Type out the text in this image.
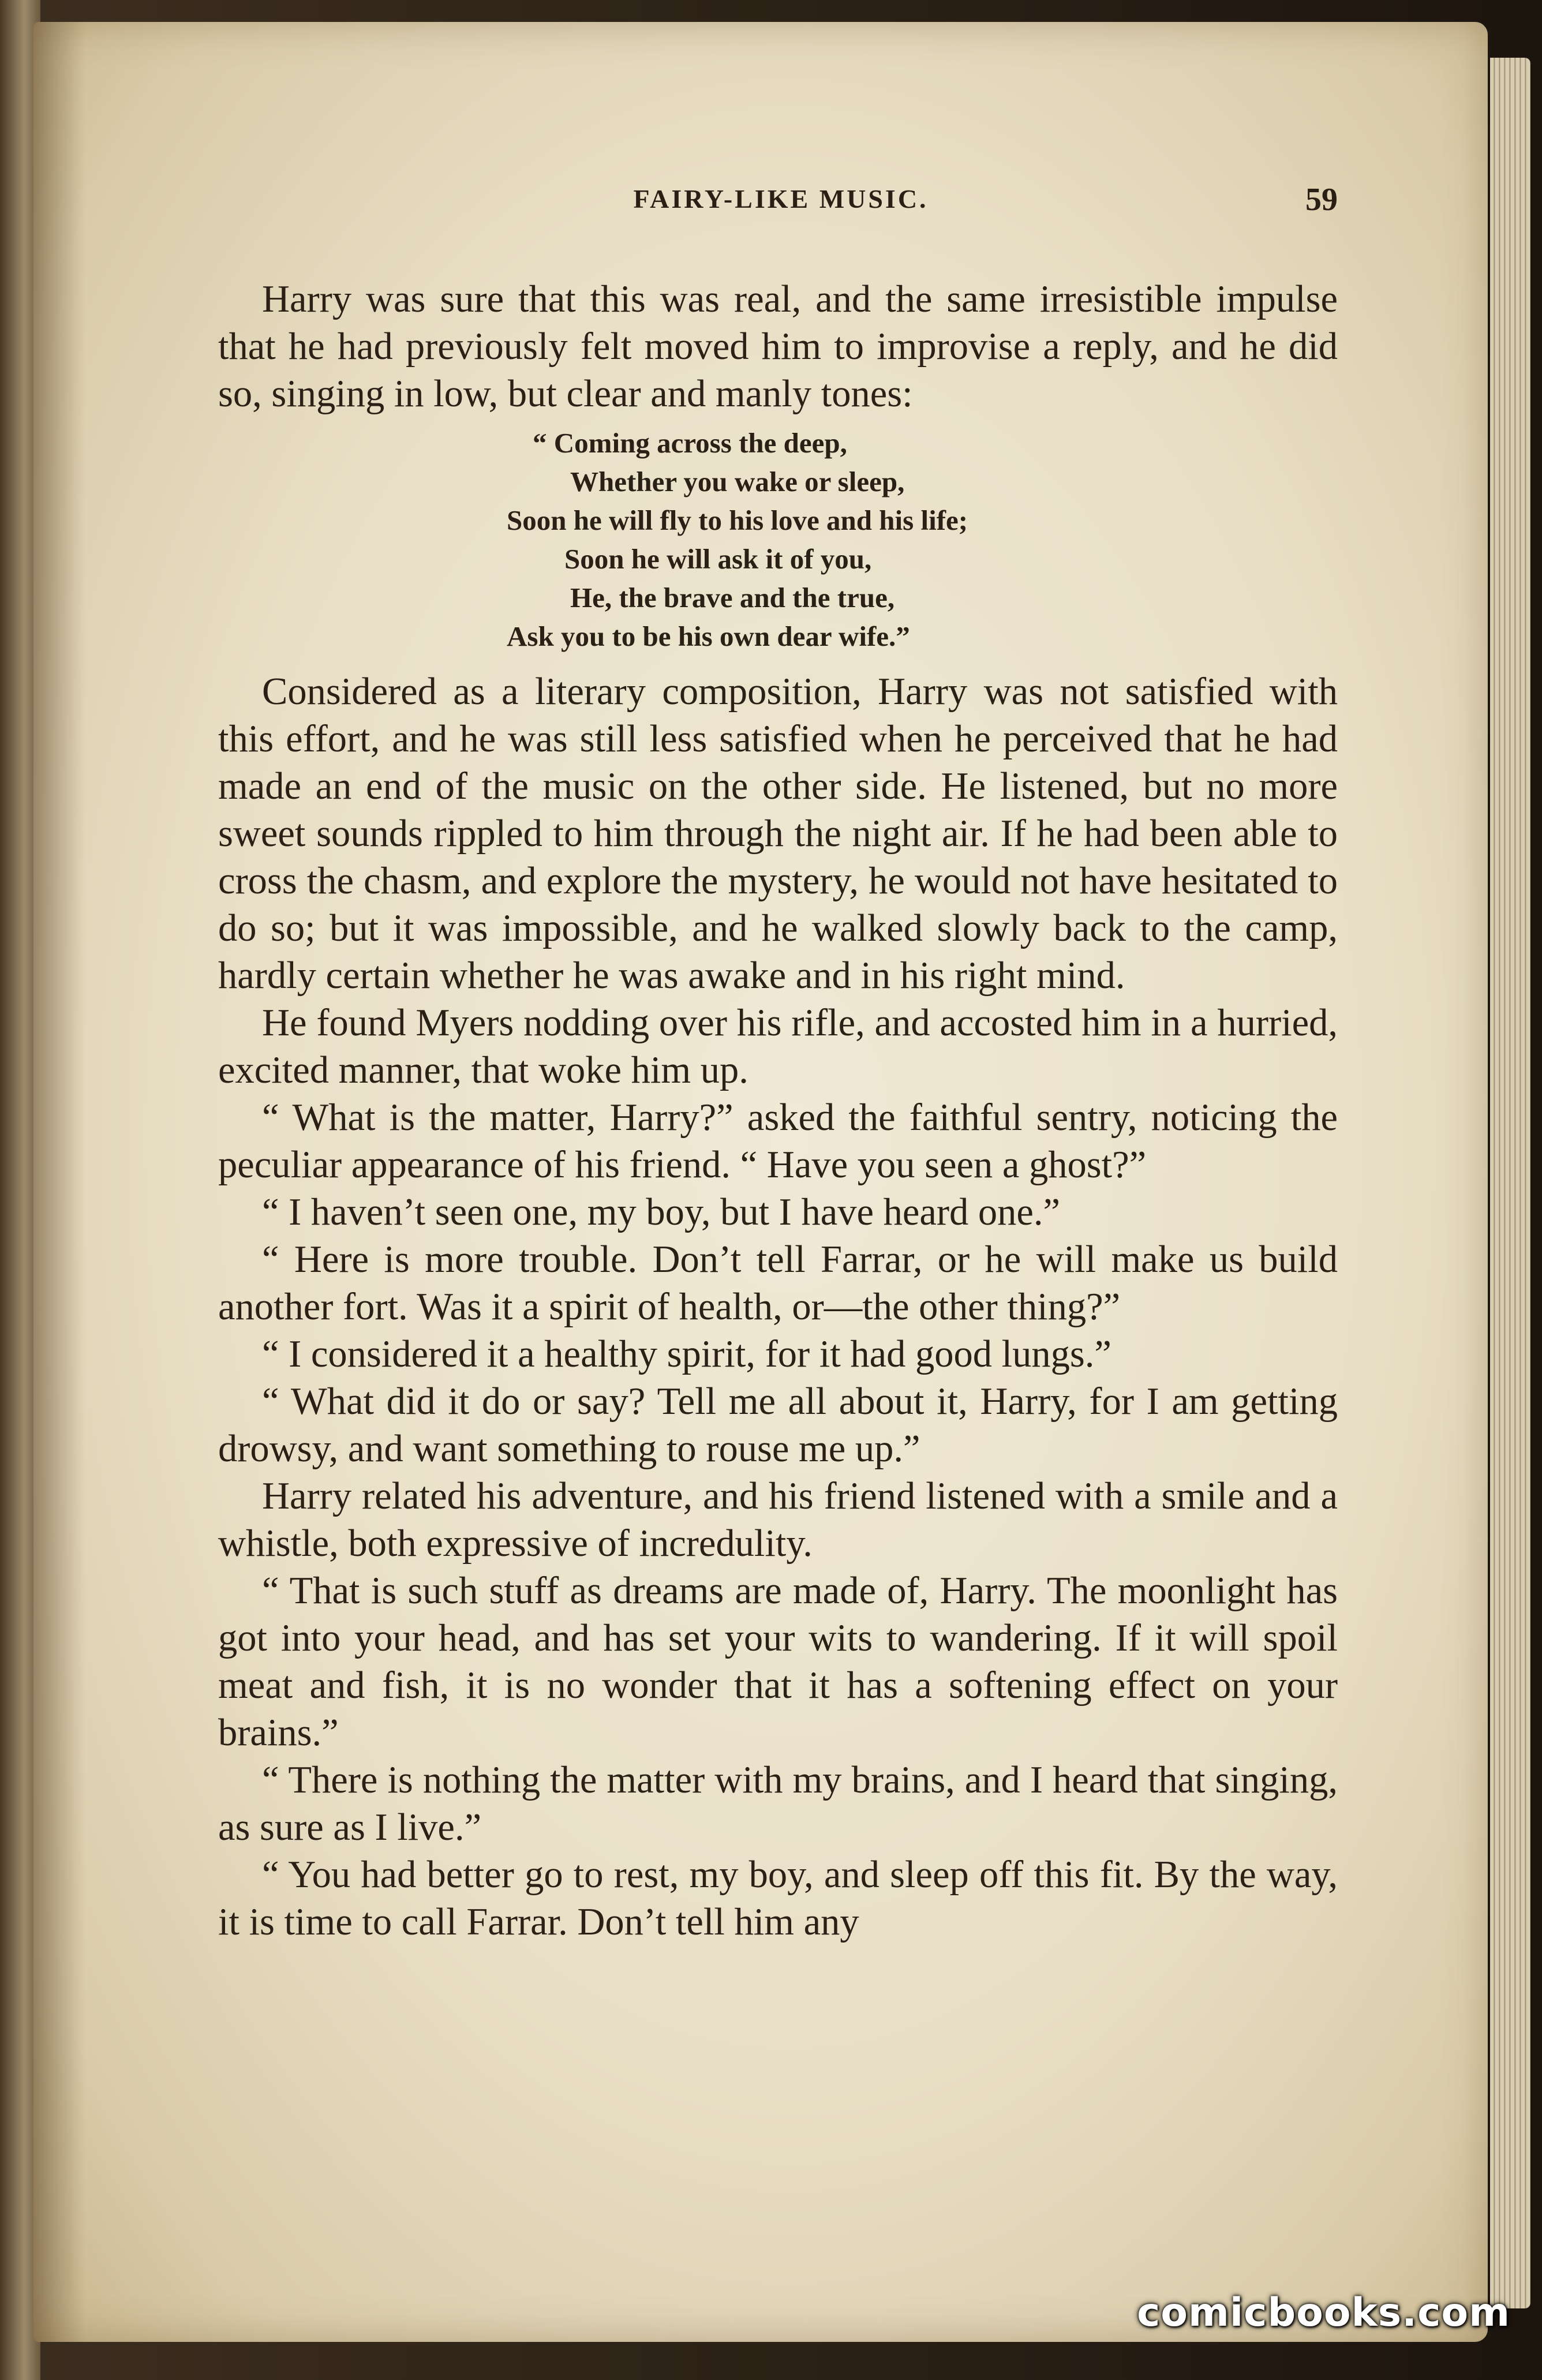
FAIRY-LIKE MUSIC.	59

Harry was sure that this was real, and the same irresistible impulse that he had previously felt moved him to improvise a reply, and he did so, singing in low, but clear and manly tones:

“ Coming across the deep,
Whether you wake or sleep,
Soon he will fly to his love and his life;
Soon he will ask it of you,
He, the brave and the true,
Ask you to be his own dear wife.”

Considered as a literary composition, Harry was not satisfied with this effort, and he was still less satisfied when he perceived that he had made an end of the music on the other side. He listened, but no more sweet sounds rippled to him through the night air. If he had been able to cross the chasm, and explore the mystery, he would not have hesitated to do so; but it was impossible, and he walked slowly back to the camp, hardly certain whether he was awake and in his right mind.

He found Myers nodding over his rifle, and accosted him in a hurried, excited manner, that woke him up.

“ What is the matter, Harry?” asked the faithful sentry, noticing the peculiar appearance of his friend. “ Have you seen a ghost?”

“ I haven’t seen one, my boy, but I have heard one.”

“ Here is more trouble. Don’t tell Farrar, or he will make us build another fort. Was it a spirit of health, or—the other thing?”

“ I considered it a healthy spirit, for it had good lungs.”

“ What did it do or say? Tell me all about it, Harry, for I am getting drowsy, and want something to rouse me up.”

Harry related his adventure, and his friend listened with a smile and a whistle, both expressive of incredulity.

“ That is such stuff as dreams are made of, Harry. The moonlight has got into your head, and has set your wits to wandering. If it will spoil meat and fish, it is no wonder that it has a softening effect on your brains.”

“ There is nothing the matter with my brains, and I heard that singing, as sure as I live.”

“ You had better go to rest, my boy, and sleep off this fit. By the way, it is time to call Farrar. Don’t tell him any

comicbooks.com
